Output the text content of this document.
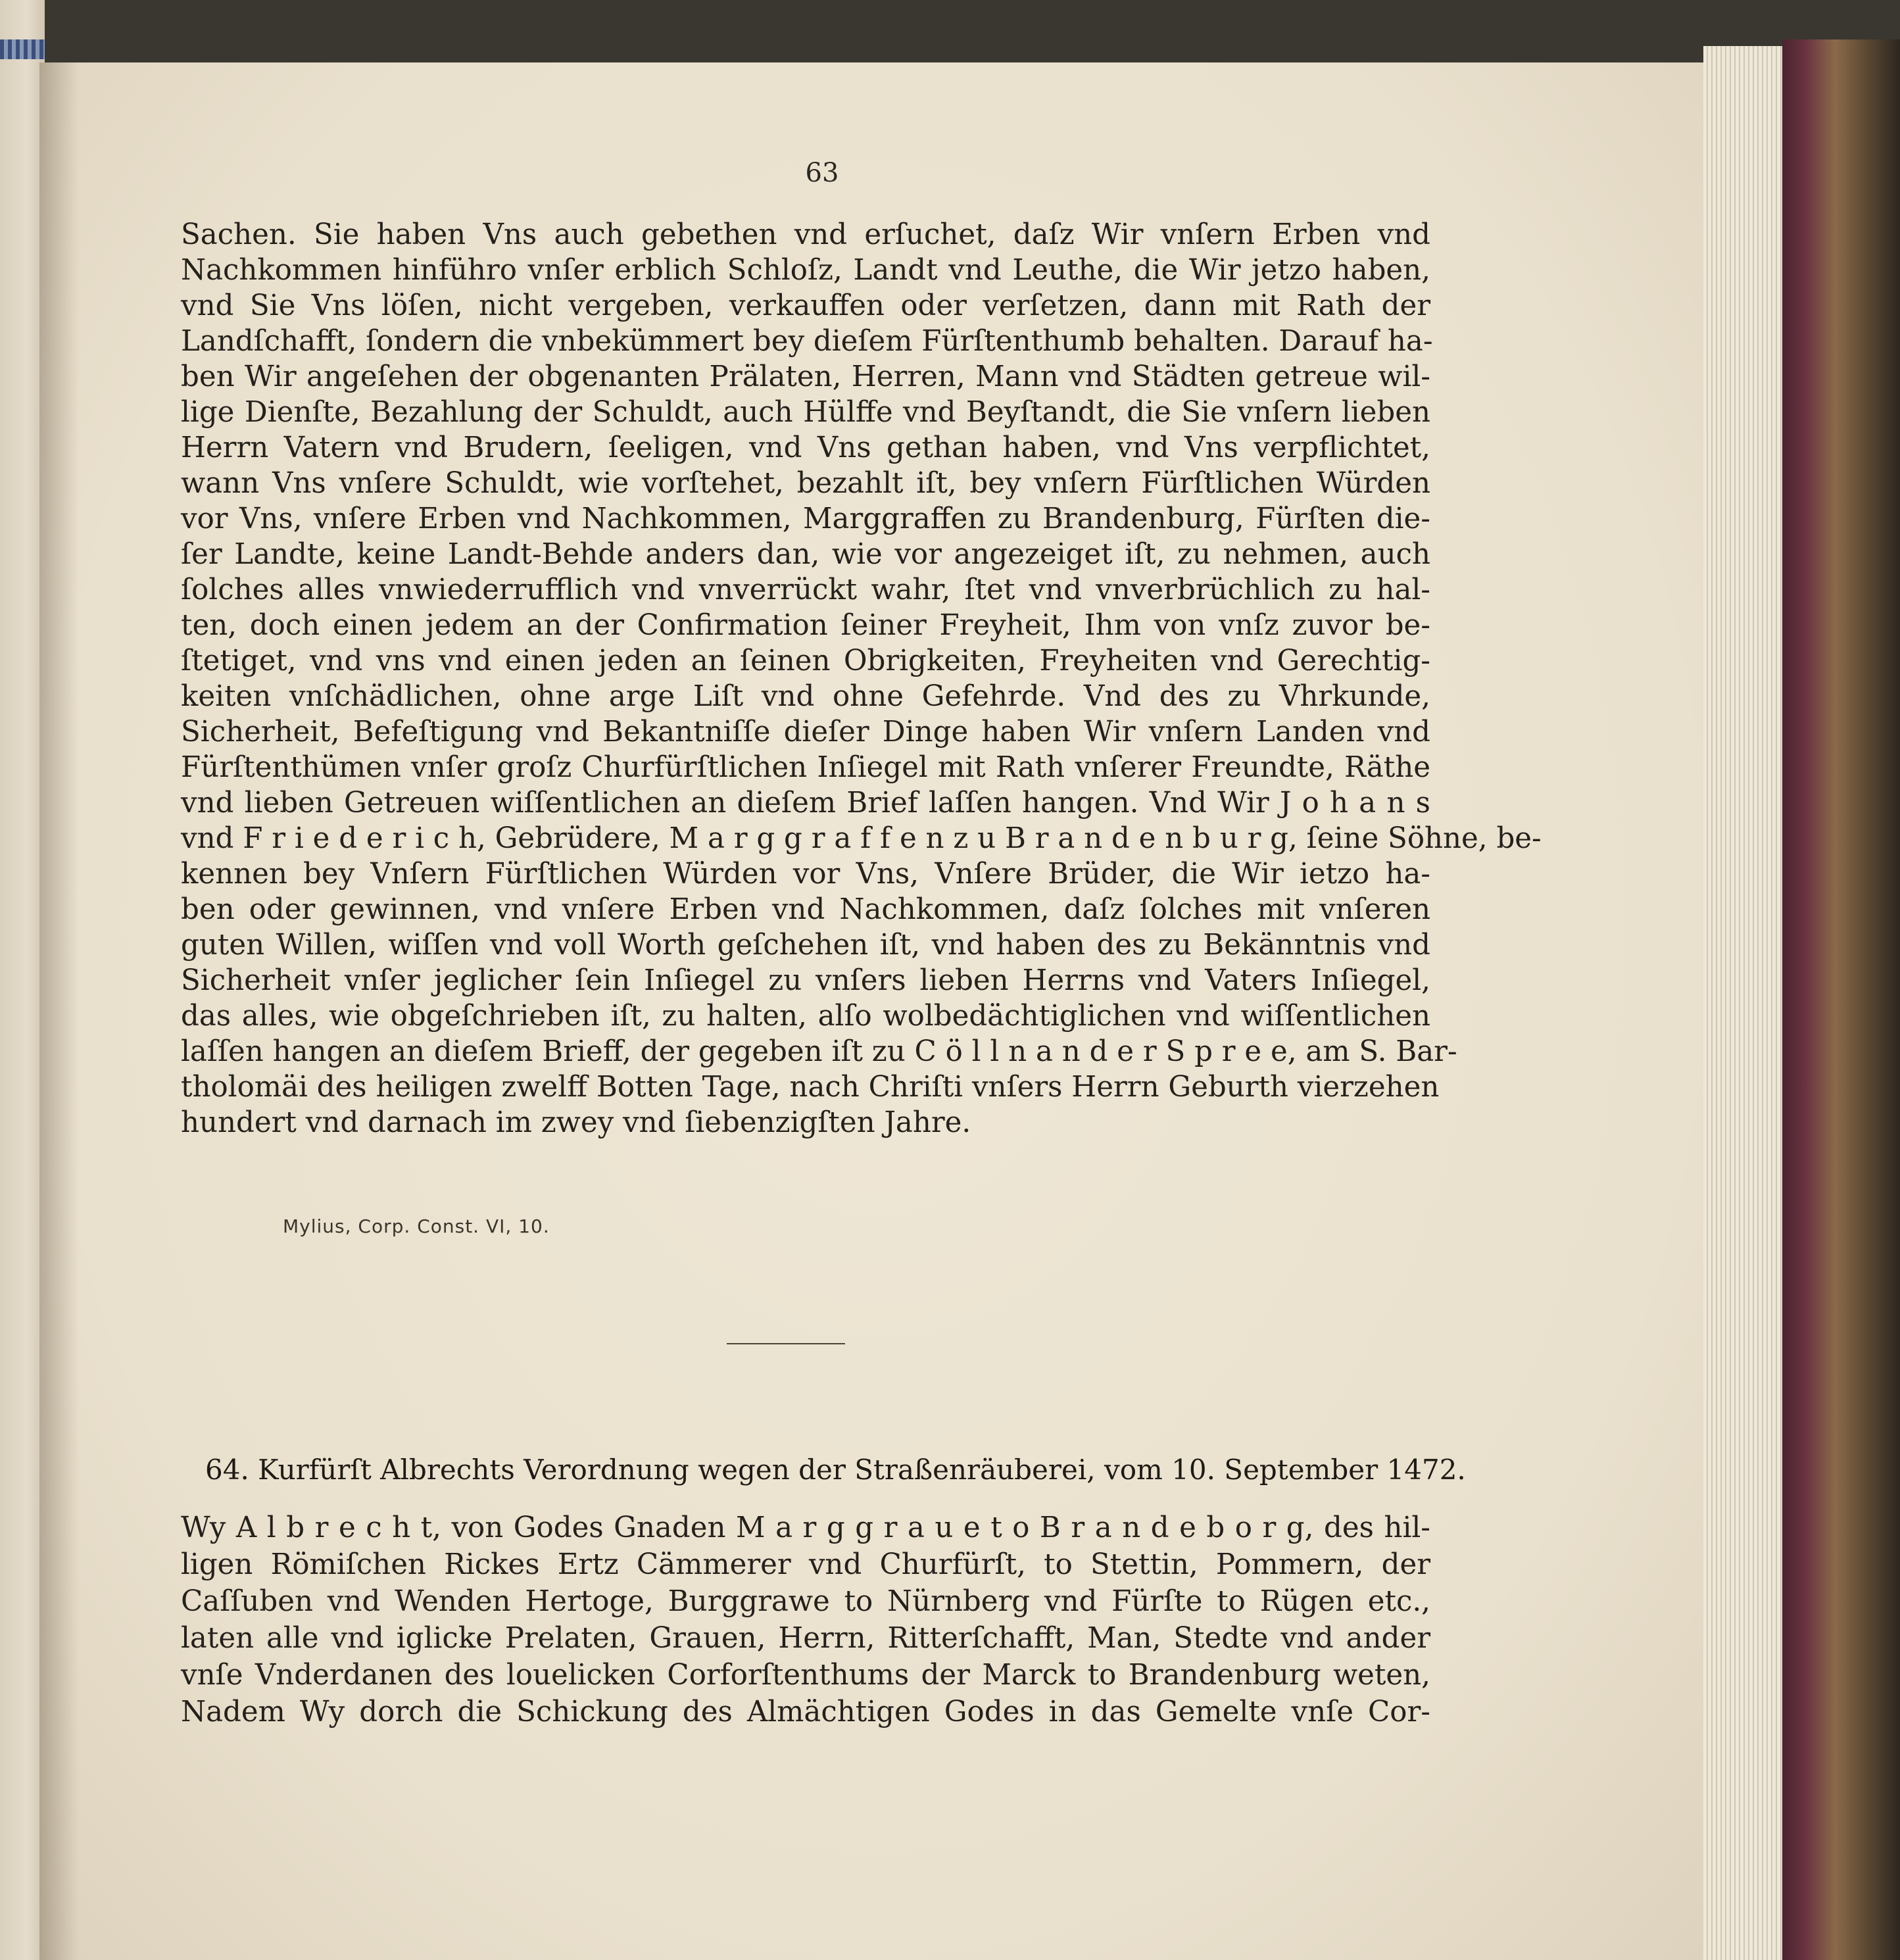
63
Sachen. Sie haben Vns auch gebethen vnd erſuchet, daſz Wir vnſern Erben vnd
Nachkommen hinführo vnſer erblich Schloſz, Landt vnd Leuthe, die Wir jetzo haben,
vnd Sie Vns löſen, nicht vergeben, verkauffen oder verſetzen, dann mit Rath der
Landſchafft, ſondern die vnbekümmert bey dieſem Fürſtenthumb behalten. Darauf ha-
ben Wir angeſehen der obgenanten Prälaten, Herren, Mann vnd Städten getreue wil-
lige Dienſte, Bezahlung der Schuldt, auch Hülffe vnd Beyſtandt, die Sie vnſern lieben
Herrn Vatern vnd Brudern, ſeeligen, vnd Vns gethan haben, vnd Vns verpflichtet,
wann Vns vnſere Schuldt, wie vorſtehet, bezahlt iſt, bey vnſern Fürſtlichen Würden
vor Vns, vnſere Erben vnd Nachkommen, Marggraffen zu Brandenburg, Fürſten die-
ſer Landte, keine Landt-Behde anders dan, wie vor angezeiget iſt, zu nehmen, auch
ſolches alles vnwiederrufflich vnd vnverrückt wahr, ſtet vnd vnverbrüchlich zu hal-
ten, doch einen jedem an der Confirmation ſeiner Freyheit, Ihm von vnſz zuvor be-
ſtetiget, vnd vns vnd einen jeden an ſeinen Obrigkeiten, Freyheiten vnd Gerechtig-
keiten vnſchädlichen, ohne arge Liſt vnd ohne Gefehrde. Vnd des zu Vhrkunde,
Sicherheit, Befeſtigung vnd Bekantniſſe dieſer Dinge haben Wir vnſern Landen vnd
Fürſtenthümen vnſer groſz Churfürſtlichen Inſiegel mit Rath vnſerer Freundte, Räthe
vnd lieben Getreuen wiſſentlichen an dieſem Brief laſſen hangen. Vnd Wir J o h a n s
vnd F r i e d e r i c h, Gebrüdere, M a r g g r a f f e n z u B r a n d e n b u r g, ſeine Söhne, be-
kennen bey Vnſern Fürſtlichen Würden vor Vns, Vnſere Brüder, die Wir ietzo ha-
ben oder gewinnen, vnd vnſere Erben vnd Nachkommen, daſz ſolches mit vnſeren
guten Willen, wiſſen vnd voll Worth geſchehen iſt, vnd haben des zu Bekänntnis vnd
Sicherheit vnſer jeglicher ſein Inſiegel zu vnſers lieben Herrns vnd Vaters Inſiegel,
das alles, wie obgeſchrieben iſt, zu halten, alſo wolbedächtiglichen vnd wiſſentlichen
laſſen hangen an dieſem Brieff, der gegeben iſt zu C ö l l n a n d e r S p r e e, am S. Bar-
tholomäi des heiligen zwelff Botten Tage, nach Chriſti vnſers Herrn Geburth vierzehen
hundert vnd darnach im zwey vnd ſiebenzigſten Jahre.
Mylius, Corp. Const. VI, 10.
64. Kurfürſt Albrechts Verordnung wegen der Straßenräuberei, vom 10. September 1472.
Wy A l b r e c h t, von Godes Gnaden M a r g g r a u e t o B r a n d e b o r g, des hil-
ligen Römiſchen Rickes Ertz Cämmerer vnd Churfürſt, to Stettin, Pommern, der
Caſſuben vnd Wenden Hertoge, Burggrawe to Nürnberg vnd Fürſte to Rügen etc.,
laten alle vnd iglicke Prelaten, Grauen, Herrn, Ritterſchafft, Man, Stedte vnd ander
vnſe Vnderdanen des louelicken Corforſtenthums der Marck to Brandenburg weten,
Nadem Wy dorch die Schickung des Almächtigen Godes in das Gemelte vnſe Cor-
